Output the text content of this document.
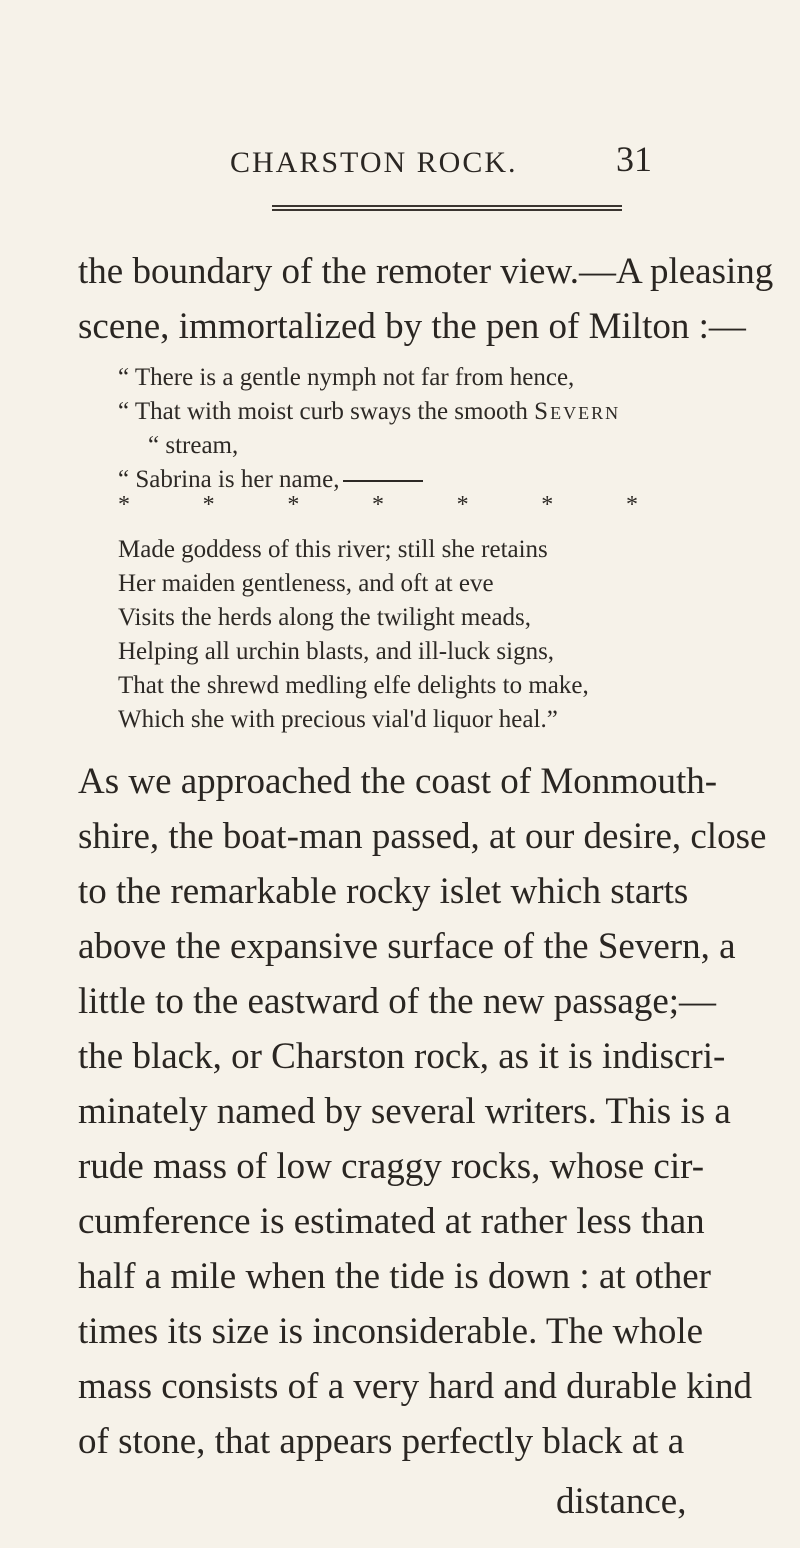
CHARSTON ROCK.	31
the boundary of the remoter view.—A pleasing
scene, immortalized by the pen of Milton :—
“ There is a gentle nymph not far from hence,
“ That with moist curb sways the smooth Severn
“ stream,
“ Sabrina is her name,
*	*	*	*	*	*	*
Made goddess of this river; still she retains
Her maiden gentleness, and oft at eve
Visits the herds along the twilight meads,
Helping all urchin blasts, and ill-luck signs,
That the shrewd medling elfe delights to make,
Which she with precious vial'd liquor heal.”
As we approached the coast of Monmouth-
shire, the boat-man passed, at our desire, close
to the remarkable rocky islet which starts
above the expansive surface of the Severn, a
little to the eastward of the new passage;—
the black, or Charston rock, as it is indiscri-
minately named by several writers. This is a
rude mass of low craggy rocks, whose cir-
cumference is estimated at rather less than
half a mile when the tide is down : at other
times its size is inconsiderable. The whole
mass consists of a very hard and durable kind
of stone, that appears perfectly black at a
distance,
